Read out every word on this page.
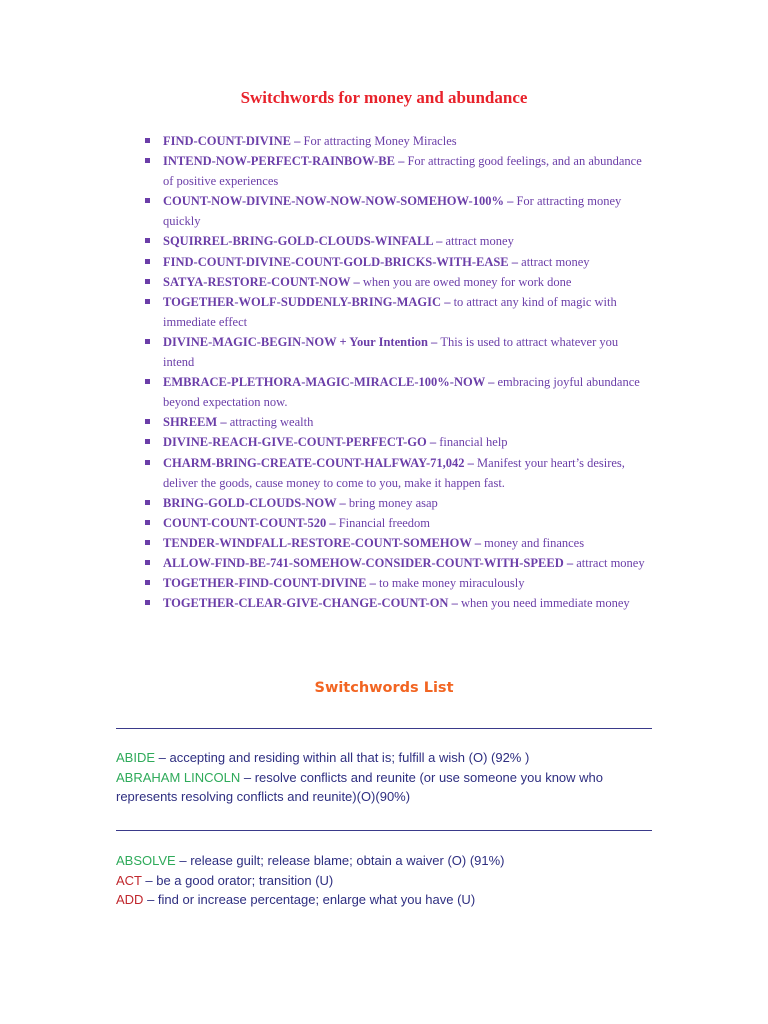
Switchwords for money and abundance
FIND-COUNT-DIVINE – For attracting Money Miracles
INTEND-NOW-PERFECT-RAINBOW-BE – For attracting good feelings, and an abundance of positive experiences
COUNT-NOW-DIVINE-NOW-NOW-NOW-SOMEHOW-100% – For attracting money quickly
SQUIRREL-BRING-GOLD-CLOUDS-WINFALL – attract money
FIND-COUNT-DIVINE-COUNT-GOLD-BRICKS-WITH-EASE – attract money
SATYA-RESTORE-COUNT-NOW – when you are owed money for work done
TOGETHER-WOLF-SUDDENLY-BRING-MAGIC – to attract any kind of magic with immediate effect
DIVINE-MAGIC-BEGIN-NOW + Your Intention – This is used to attract whatever you intend
EMBRACE-PLETHORA-MAGIC-MIRACLE-100%-NOW – embracing joyful abundance beyond expectation now.
SHREEM – attracting wealth
DIVINE-REACH-GIVE-COUNT-PERFECT-GO – financial help
CHARM-BRING-CREATE-COUNT-HALFWAY-71,042 – Manifest your heart’s desires, deliver the goods, cause money to come to you, make it happen fast.
BRING-GOLD-CLOUDS-NOW – bring money asap
COUNT-COUNT-COUNT-520 – Financial freedom
TENDER-WINDFALL-RESTORE-COUNT-SOMEHOW – money and finances
ALLOW-FIND-BE-741-SOMEHOW-CONSIDER-COUNT-WITH-SPEED – attract money
TOGETHER-FIND-COUNT-DIVINE – to make money miraculously
TOGETHER-CLEAR-GIVE-CHANGE-COUNT-ON – when you need immediate money
Switchwords List

ABIDE – accepting and residing within all that is; fulfill a wish (O) (92% )

ABRAHAM LINCOLN – resolve conflicts and reunite (or use someone you know who represents resolving conflicts and reunite)(O)(90%)

ABSOLVE – release guilt; release blame; obtain a waiver (O) (91%)

ACT – be a good orator; transition (U)

ADD – find or increase percentage; enlarge what you have (U)
